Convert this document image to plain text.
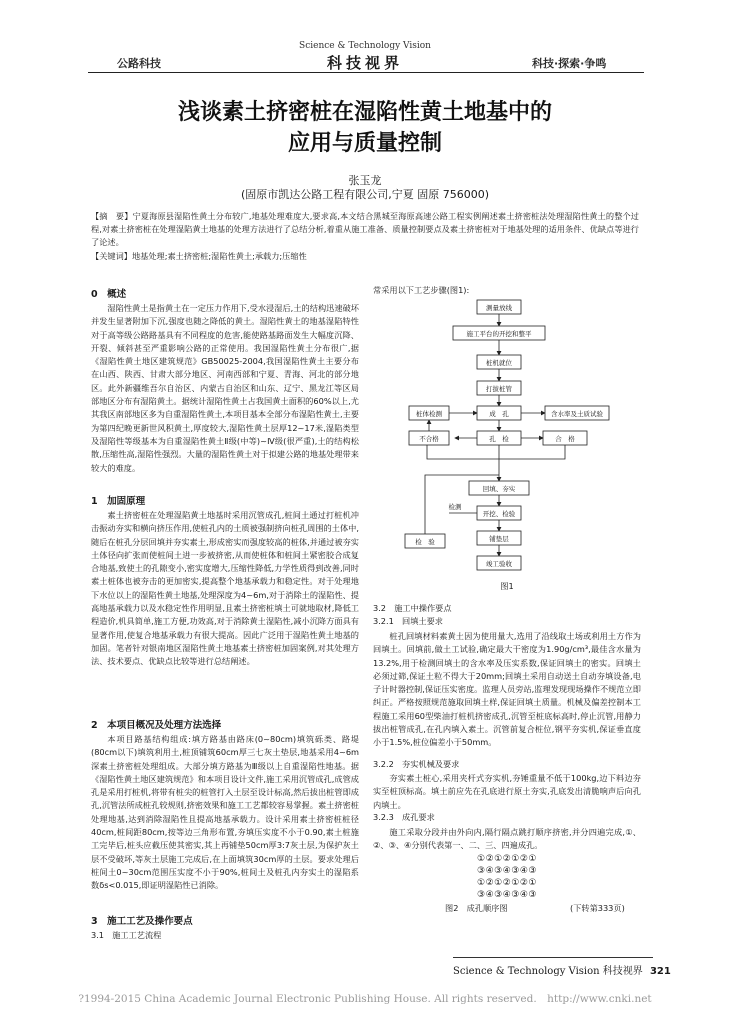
Science & Technology Vision
科技视界
公路科技	科技·探索·争鸣
浅谈素土挤密桩在湿陷性黄土地基中的
应用与质量控制
张玉龙
(固原市凯达公路工程有限公司,宁夏 固原 756000)
【摘　要】宁夏海原县湿陷性黄土分布较广,地基处理难度大,要求高,本文结合黑城至海原高速公路工程实例阐述素土挤密桩法处理湿陷性黄土的整个过程,对素土挤密桩在处理湿陷黄土地基的处理方法进行了总结分析,着重从施工准备、质量控制要点及素土挤密桩对于地基处理的适用条件、优缺点等进行了论述。
【关键词】地基处理;素土挤密桩;湿陷性黄土;承载力;压缩性
0　概述
湿陷性黄土是指黄土在一定压力作用下,受水浸湿后,土的结构迅速破坏并发生显著附加下沉,强度也随之降低的黄土。湿陷性黄土的地基湿陷特性对于高等级公路路基具有不同程度的危害,能使路基路面发生大幅度沉降、开裂、倾斜甚至严重影响公路的正常使用。我国湿陷性黄土分布很广,据《湿陷性黄土地区建筑规范》GB50025-2004,我国湿陷性黄土主要分布在山西、陕西、甘肃大部分地区、河南西部和宁夏、青海、河北的部分地区。此外新疆维吾尔自治区、内蒙古自治区和山东、辽宁、黑龙江等区局部地区分布有湿陷黄土。据统计湿陷性黄土占我国黄土面积的60%以上,尤其我区南部地区多为自重湿陷性黄土,本项目基本全部分布湿陷性黄土,主要为第四纪晚更新世风积黄土,厚度较大,湿陷性黄土层厚12~17米,湿陷类型及湿陷性等级基本为自重湿陷性黄土Ⅱ级(中等)~Ⅳ级(很严重),土的结构松散,压缩性高,湿陷性强烈。大量的湿陷性黄土对于拟建公路的地基处理带来较大的难度。
1　加固原理
素土挤密桩在处理湿陷黄土地基时采用沉管成孔,桩间土通过打桩机冲击振动夯实和横向挤压作用,使桩孔内的土质被强制挤向桩孔周围的土体中,随后在桩孔分层回填并夯实素土,形成密实而强度较高的桩体,并通过被夯实土体径向扩张而使桩间土进一步被挤密,从而使桩体和桩间土紧密胶合成复合地基,致使土的孔隙变小,密实度增大,压缩性降低,力学性质得到改善,同时素土桩体也被夯击的更加密实,提高整个地基承载力和稳定性。对于处理地下水位以上的湿陷性黄土地基,处理深度为4~6m,对于消除土的湿陷性、提高地基承载力以及水稳定性作用明显,且素土挤密桩填土可就地取材,降低工程造价,机具简单,施工方便,功效高,对于消除黄土湿陷性,减小沉降方面具有显著作用,使复合地基承载力有很大提高。因此广泛用于湿陷性黄土地基的加固。笔者针对银南地区湿陷性黄土地基素土挤密桩加固案例,对其处理方法、技术要点、优缺点比较等进行总结阐述。
2　本项目概况及处理方法选择
本项目路基结构组成:填方路基由路床(0~80cm)填筑砾类、路堤(80cm以下)填筑利用土,桩顶铺筑60cm厚三七灰土垫层,地基采用4~6m深素土挤密桩处理组成。大部分填方路基为Ⅲ级以上自重湿陷性地基。据《湿陷性黄土地区建筑规范》和本项目设计文件,施工采用沉管成孔,成管成孔是采用打桩机,将带有桩尖的桩管打入土层至设计标高,然后拔出桩管即成孔,沉管法所成桩孔较规则,挤密效果和施工工艺都较容易掌握。素土挤密桩处理地基,达到消除湿陷性且提高地基承载力。设计采用素土挤密桩桩径40cm,桩间距80cm,按等边三角形布置,夯填压实度不小于0.90,素土桩施工完毕后,桩头应截压使其密实,其上再铺垫50cm厚3:7灰土层,为保护灰土层不受破坏,等灰土层施工完成后,在上面填筑30cm厚的土层。要求处理后桩间土0~30cm范围压实度不小于90%,桩间土及桩孔内夯实土的湿陷系数δs<0.015,即证明湿陷性已消除。
3　施工工艺及操作要点
3.1　施工工艺流程
常采用以下工艺步骤(图1):
测量放线
施工平台的开挖和整平
桩机就位
打拔桩管
桩体检测	成　孔	含水率及土质试验
不合格	孔　检	合　格
回填、夯实
开挖、检验
检　验	铺垫层
竣工验收
检测
图1
3.2　施工中操作要点
3.2.1　回填土要求
桩孔回填材料素黄土因为使用量大,选用了沿线取土场或利用土方作为回填土。回填前,做土工试验,确定最大干密度为1.90g/cm³,最佳含水量为13.2%,用于检测回填土的含水率及压实系数,保证回填土的密实。回填土必须过筛,保证土粒不得大于20mm;回填土采用自动送土自动夯填设备,电子计时器控制,保证压实密度。监理人员旁站,监理发现现场操作不规范立即纠正。严格按照规范施取回填土样,保证回填土质量。机械及偏差控制本工程施工采用60型柴油打桩机挤密成孔,沉管至桩底标高时,停止沉管,用静力拔出桩管成孔,在孔内填入素土。沉管前复合桩位,钢平夯实机,保证垂直度小于1.5%,桩位偏差小于50mm。
3.2.2　夯实机械及要求
夯实素土桩心,采用夹杆式夯实机,夯锤重量不低于100kg,边下料边夯实至桩顶标高。填土前应先在孔底进行原土夯实,孔底发出清脆响声后向孔内填土。
3.2.3　成孔要求
施工采取分段并由外向内,隔行隔点跳打顺序挤密,并分四遍完成,①、②、③、④分别代表第一、二、三、四遍成孔。
①②①②①②①
③④③④③④③
①②①②①②①
③④③④③④③
图2　成孔顺序图	(下转第333页)
Science & Technology Vision 科技视界 321
?1994-2015 China Academic Journal Electronic Publishing House. All rights reserved.　http://www.cnki.net
